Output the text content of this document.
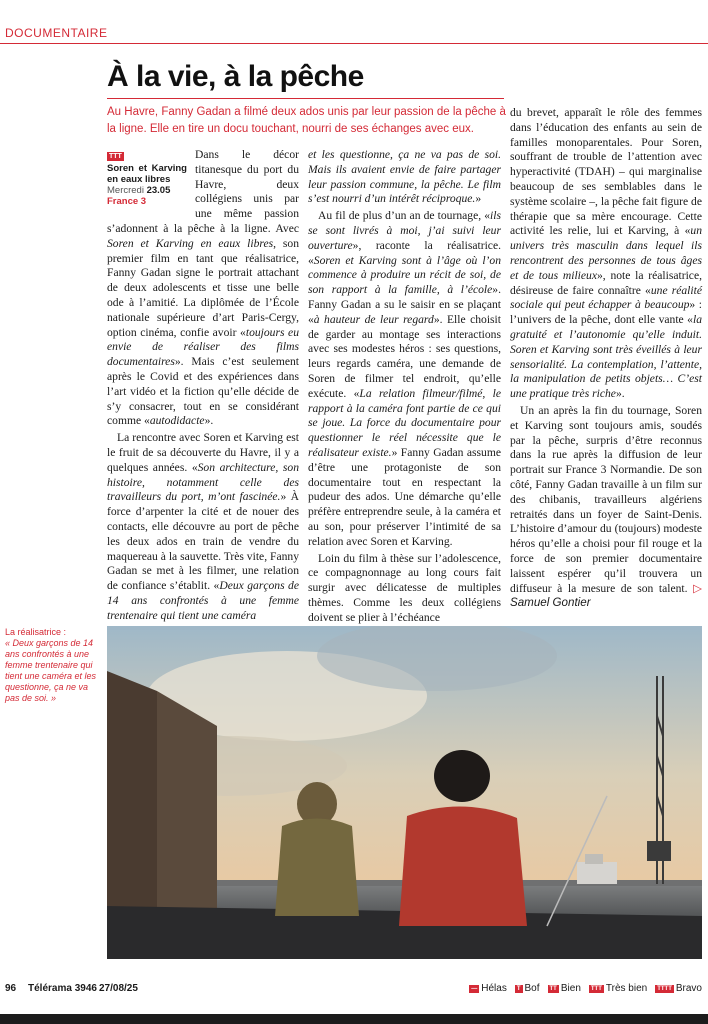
DOCUMENTAIRE
À la vie, à la pêche

Au Havre, Fanny Gadan a filmé deux ados unis par leur passion de la pêche à la ligne. Elle en tire un docu touchant, nourri de ses échanges avec eux.

TTT
Soren et Karving en eaux libres
Mercredi 23.05
France 3

Dans le décor titanesque du port du Havre, deux collégiens unis par une même passion s’adonnent à la pêche à la ligne. Avec Soren et Karving en eaux libres, son premier film en tant que réalisatrice, Fanny Gadan signe le portrait attachant de deux adolescents et tisse une belle ode à l’amitié. La diplômée de l’École nationale supérieure d’art Paris-Cergy, option cinéma, confie avoir «toujours eu envie de réaliser des films documentaires». Mais c’est seulement après le Covid et des expériences dans l’art vidéo et la fiction qu’elle décide de s’y consacrer, tout en se considérant comme «autodidacte».

La rencontre avec Soren et Karving est le fruit de sa découverte du Havre, il y a quelques années. «Son architecture, son histoire, notamment celle des travailleurs du port, m’ont fascinée.» À force d’arpenter la cité et de nouer des contacts, elle découvre au port de pêche les deux ados en train de vendre du maquereau à la sauvette. Très vite, Fanny Gadan se met à les filmer, une relation de confiance s’établit. «Deux garçons de 14 ans confrontés à une femme trentenaire qui tient une caméra

et les questionne, ça ne va pas de soi. Mais ils avaient envie de faire partager leur passion commune, la pêche. Le film s’est nourri d’un intérêt réciproque.»

Au fil de plus d’un an de tournage, «ils se sont livrés à moi, j’ai suivi leur ouverture», raconte la réalisatrice. «Soren et Karving sont à l’âge où l’on commence à produire un récit de soi, de son rapport à la famille, à l’école». Fanny Gadan a su le saisir en se plaçant «à hauteur de leur regard». Elle choisit de garder au montage ses interactions avec ses modestes héros : ses questions, leurs regards caméra, une demande de Soren de filmer tel endroit, qu’elle exécute. «La relation filmeur/filmé, le rapport à la caméra font partie de ce qui se joue. La force du documentaire pour questionner le réel nécessite que le réalisateur existe.» Fanny Gadan assume d’être une protagoniste de son documentaire tout en respectant la pudeur des ados. Une démarche qu’elle préfère entreprendre seule, à la caméra et au son, pour préserver l’intimité de sa relation avec Soren et Karving.

Loin du film à thèse sur l’adolescence, ce compagnonnage au long cours fait surgir avec délicatesse de multiples thèmes. Comme les deux collégiens doivent se plier à l’échéance

du brevet, apparaît le rôle des femmes dans l’éducation des enfants au sein de familles monoparentales. Pour Soren, souffrant de trouble de l’attention avec hyperactivité (TDAH) – qui marginalise beaucoup de ses semblables dans le système scolaire –, la pêche fait figure de thérapie que sa mère encourage. Cette activité les relie, lui et Karving, à «un univers très masculin dans lequel ils rencontrent des personnes de tous âges et de tous milieux», note la réalisatrice, désireuse de faire connaître «une réalité sociale qui peut échapper à beaucoup» : l’univers de la pêche, dont elle vante «la gratuité et l’autonomie qu’elle induit. Soren et Karving sont très éveillés à leur sensorialité. La contemplation, l’attente, la manipulation de petits objets… C’est une pratique très riche».

Un an après la fin du tournage, Soren et Karving sont toujours amis, soudés par la pêche, surpris d’être reconnus dans la rue après la diffusion de leur portrait sur France 3 Normandie. De son côté, Fanny Gadan travaille à un film sur des chibanis, travailleurs algériens retraités dans un foyer de Saint-Denis. L’histoire d’amour du (toujours) modeste héros qu’elle a choisi pour fil rouge et la force de son premier documentaire laissent espérer qu’il trouvera un diffuseur à la mesure de son talent. ▷ Samuel Gontier

La réalisatrice :
« Deux garçons de 14 ans confrontés à une femme trentenaire qui tient une caméra et les questionne, ça ne va pas de soi. »
96 Télérama 3946 27/08/25	— Hélas	T Bof	TT Bien	TTT Très bien	TTTT Bravo
